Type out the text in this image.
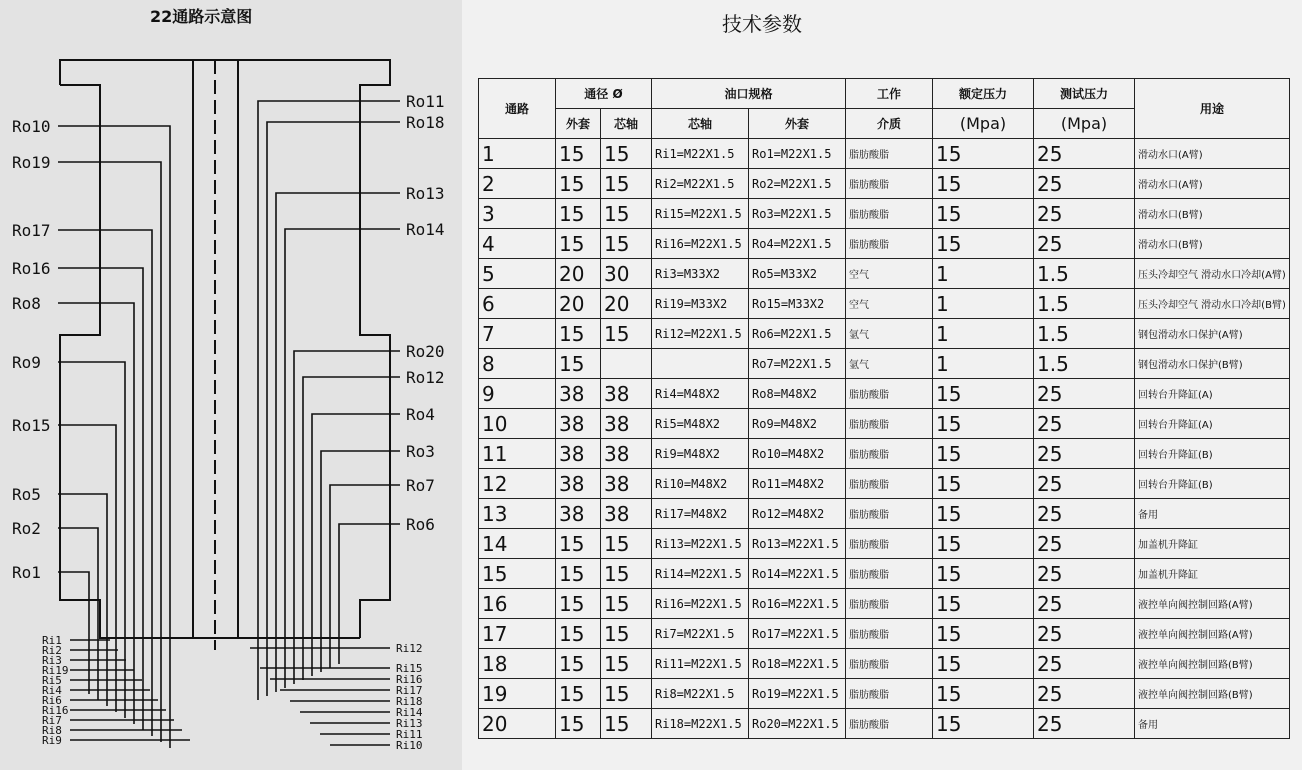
22通路示意图
Ro10
Ro19
Ro17
Ro16
Ro8
Ro9
Ro15
Ro5
Ro2
Ro1
Ro11
Ro18
Ro13
Ro14
Ro20
Ro12
Ro4
Ro3
Ro7
Ro6
Ri1
Ri2
Ri3
Ri19
Ri5
Ri4
Ri6
Ri16
Ri7
Ri8
Ri9
Ri12
Ri15
Ri16
Ri17
Ri18
Ri14
Ri13
Ri11
Ri10
技术参数
通路	通径 Ø		油口规格		工作	额定压力	测试压力	用途
	外套	芯轴	芯轴	外套	介质	(Mpa)	(Mpa)	
1	15	15	Ri1=M22X1.5	Ro1=M22X1.5	脂肪酸脂	15	25	滑动水口(A臂)
2	15	15	Ri2=M22X1.5	Ro2=M22X1.5	脂肪酸脂	15	25	滑动水口(A臂)
3	15	15	Ri15=M22X1.5	Ro3=M22X1.5	脂肪酸脂	15	25	滑动水口(B臂)
4	15	15	Ri16=M22X1.5	Ro4=M22X1.5	脂肪酸脂	15	25	滑动水口(B臂)
5	20	30	Ri3=M33X2	Ro5=M33X2	空气	1	1.5	压头冷却空气 滑动水口冷却(A臂)
6	20	20	Ri19=M33X2	Ro15=M33X2	空气	1	1.5	压头冷却空气 滑动水口冷却(B臂)
7	15	15	Ri12=M22X1.5	Ro6=M22X1.5	氩气	1	1.5	钢包滑动水口保护(A臂)
8	15			Ro7=M22X1.5	氩气	1	1.5	钢包滑动水口保护(B臂)
9	38	38	Ri4=M48X2	Ro8=M48X2	脂肪酸脂	15	25	回转台升降缸(A)
10	38	38	Ri5=M48X2	Ro9=M48X2	脂肪酸脂	15	25	回转台升降缸(A)
11	38	38	Ri9=M48X2	Ro10=M48X2	脂肪酸脂	15	25	回转台升降缸(B)
12	38	38	Ri10=M48X2	Ro11=M48X2	脂肪酸脂	15	25	回转台升降缸(B)
13	38	38	Ri17=M48X2	Ro12=M48X2	脂肪酸脂	15	25	备用
14	15	15	Ri13=M22X1.5	Ro13=M22X1.5	脂肪酸脂	15	25	加盖机升降缸
15	15	15	Ri14=M22X1.5	Ro14=M22X1.5	脂肪酸脂	15	25	加盖机升降缸
16	15	15	Ri16=M22X1.5	Ro16=M22X1.5	脂肪酸脂	15	25	液控单向阀控制回路(A臂)
17	15	15	Ri7=M22X1.5	Ro17=M22X1.5	脂肪酸脂	15	25	液控单向阀控制回路(A臂)
18	15	15	Ri11=M22X1.5	Ro18=M22X1.5	脂肪酸脂	15	25	液控单向阀控制回路(B臂)
19	15	15	Ri8=M22X1.5	Ro19=M22X1.5	脂肪酸脂	15	25	液控单向阀控制回路(B臂)
20	15	15	Ri18=M22X1.5	Ro20=M22X1.5	脂肪酸脂	15	25	备用
